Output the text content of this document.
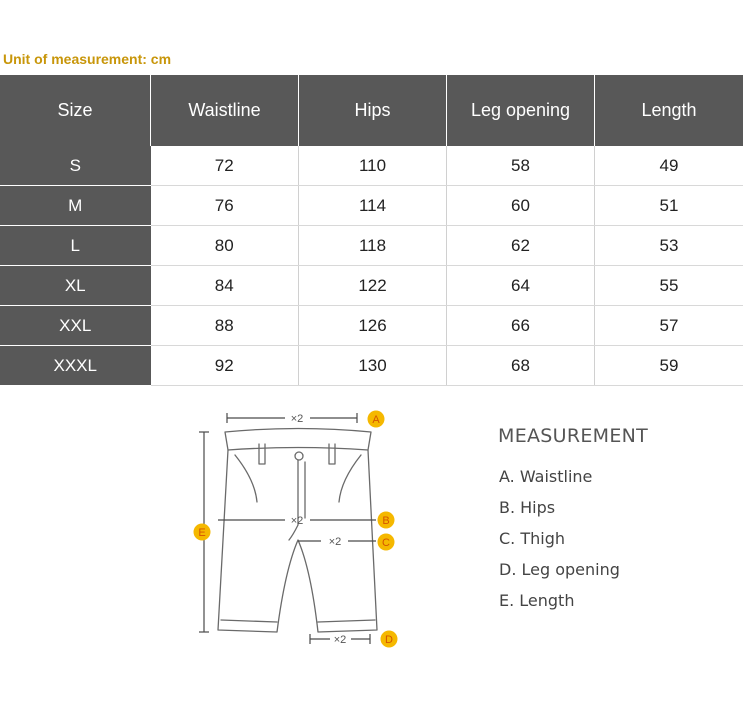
Unit of measurement: cm
Size	Waistline	Hips	Leg opening	Length
S	72	110	58	49
M	76	114	60	51
L	80	118	62	53
XL	84	122	64	55
XXL	88	126	66	57
XXXL	92	130	68	59
×2
×2
×2
×2
A
B
C
D
E
MEASUREMENT
A. Waistline
B. Hips
C. Thigh
D. Leg opening
E. Length
